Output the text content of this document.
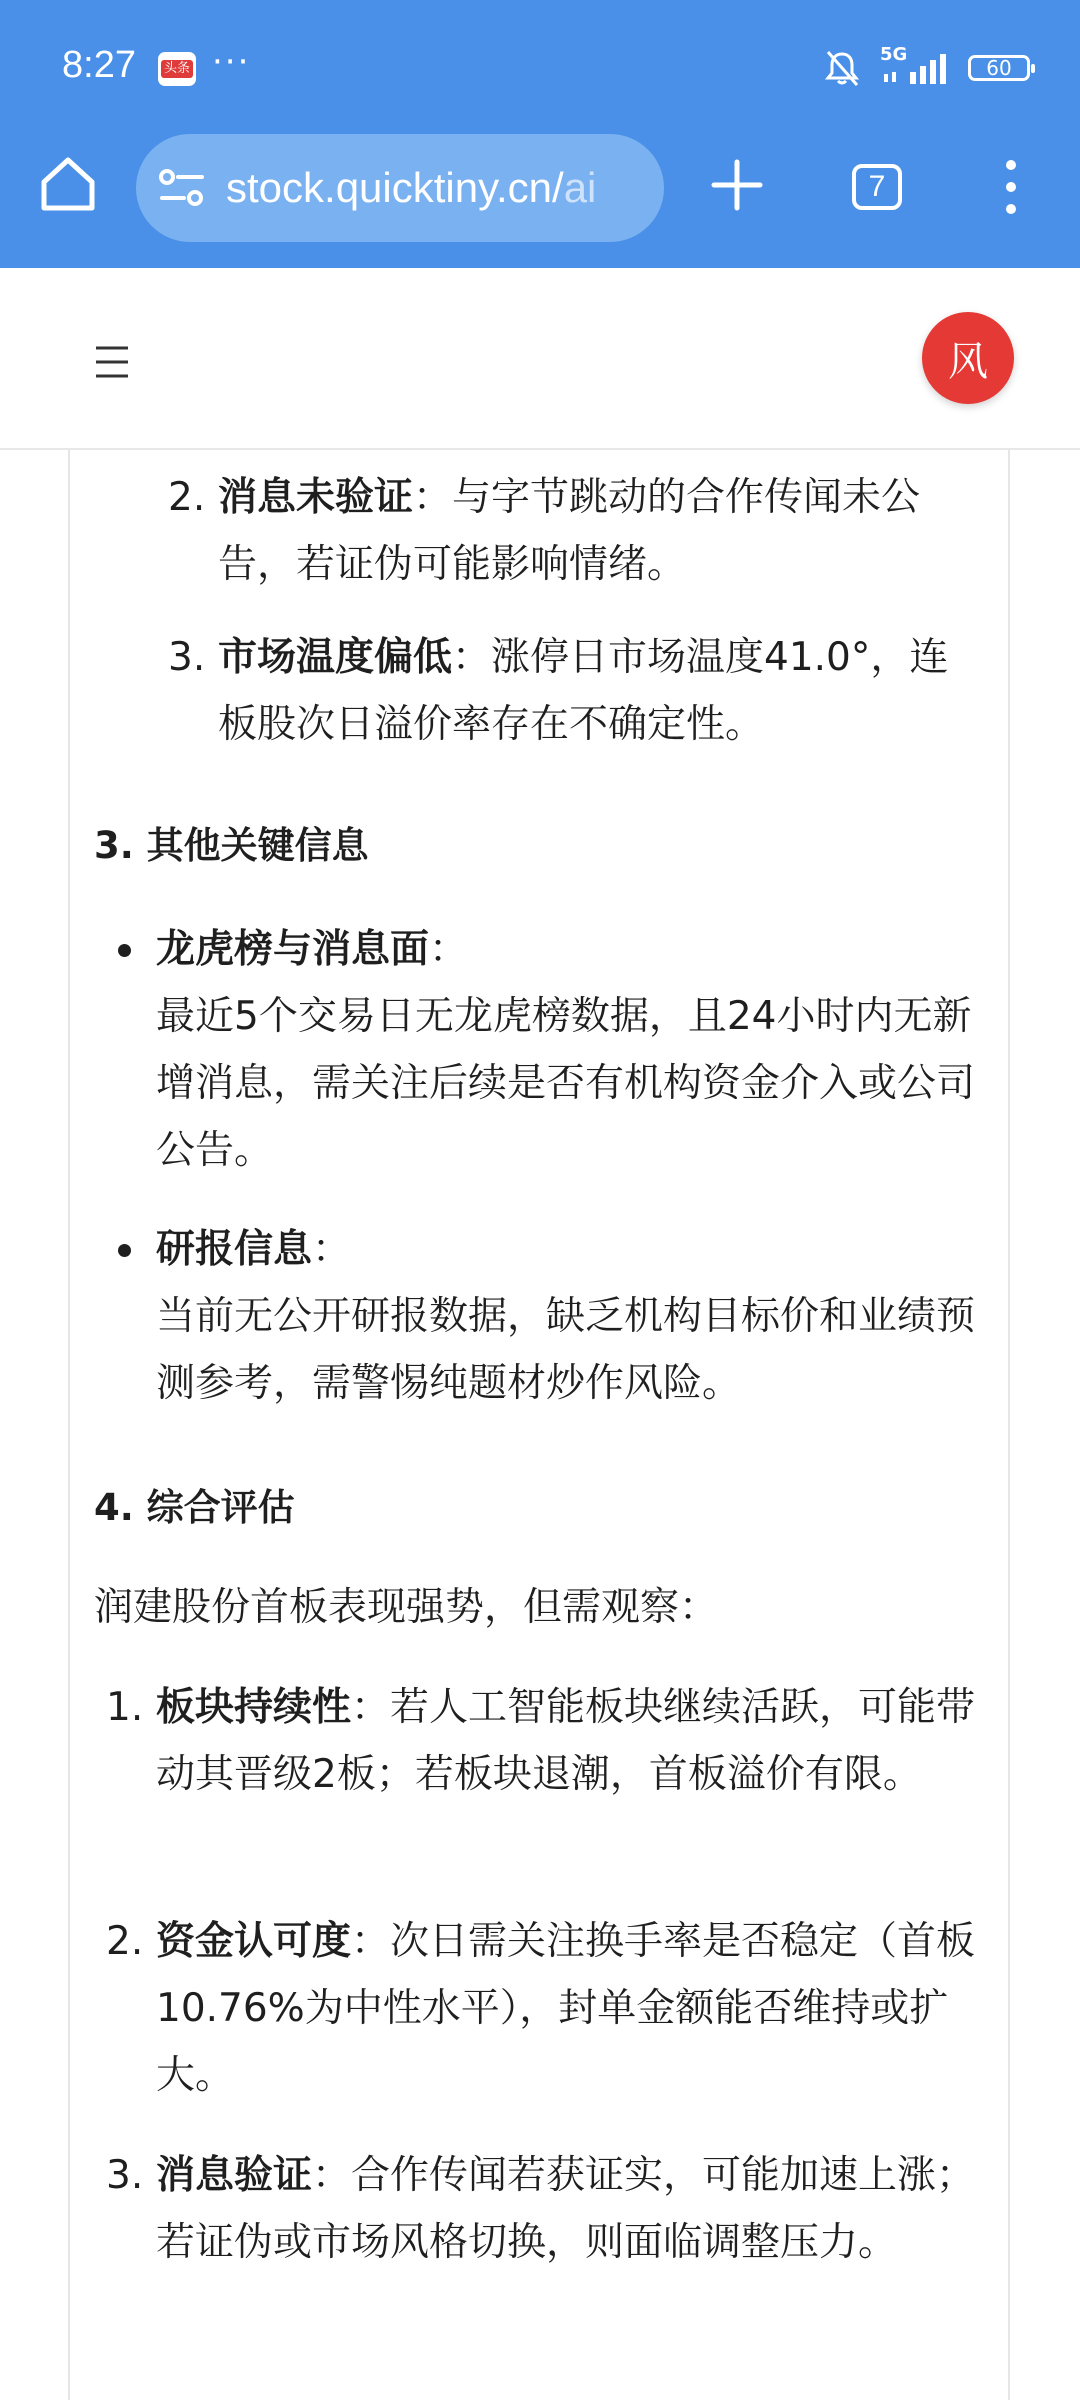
8:27 头条 ···	5G
60
stock.quicktiny.cn/ai	7
风
2. 消息未验证：与字节跳动的合作传闻未公告，若证伪可能影响情绪。
3. 市场温度偏低：涨停日市场温度41.0°，连板股次日溢价率存在不确定性。
3. 其他关键信息
龙虎榜与消息面：
最近5个交易日无龙虎榜数据，且24小时内无新增消息，需关注后续是否有机构资金介入或公司公告。
研报信息：
当前无公开研报数据，缺乏机构目标价和业绩预测参考，需警惕纯题材炒作风险。
4. 综合评估
润建股份首板表现强势，但需观察：
1. 板块持续性：若人工智能板块继续活跃，可能带动其晋级2板；若板块退潮，首板溢价有限。
2. 资金认可度：次日需关注换手率是否稳定（首板10.76%为中性水平），封单金额能否维持或扩大。
3. 消息验证：合作传闻若获证实，可能加速上涨；若证伪或市场风格切换，则面临调整压力。
